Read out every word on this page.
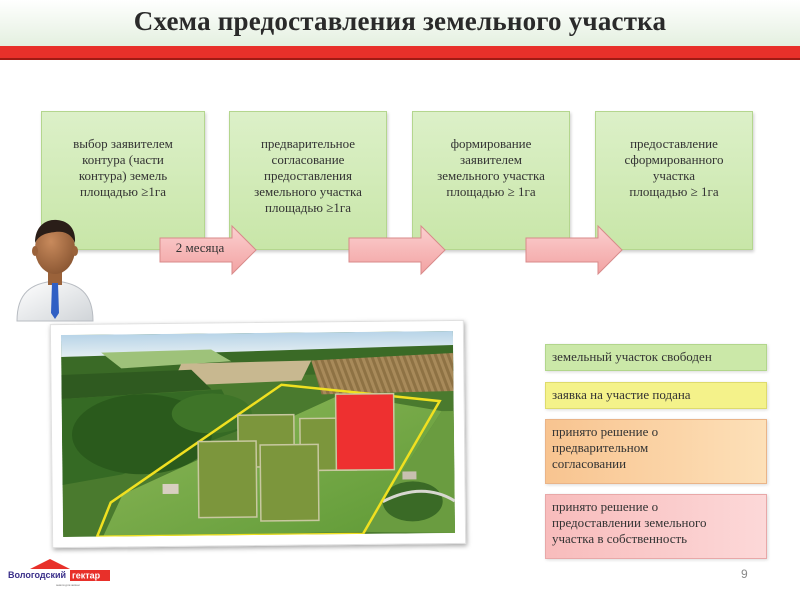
Схема предоставления земельного участка
выбор заявителем
контура (части
контура) земель
площадью ≥1га
предварительное
согласование
предоставления
земельного участка
площадью ≥1га
формирование
заявителем
земельного участка
площадью ≥ 1га
предоставление
сформированного
участка
площадью ≥ 1га
2 месяца
земельный участок свободен
заявка на участие подана
принято решение о
предварительном
согласовании
принято решение о
предоставлении земельного
участка в собственность
9
Вологодский гектар
земля для жизни
